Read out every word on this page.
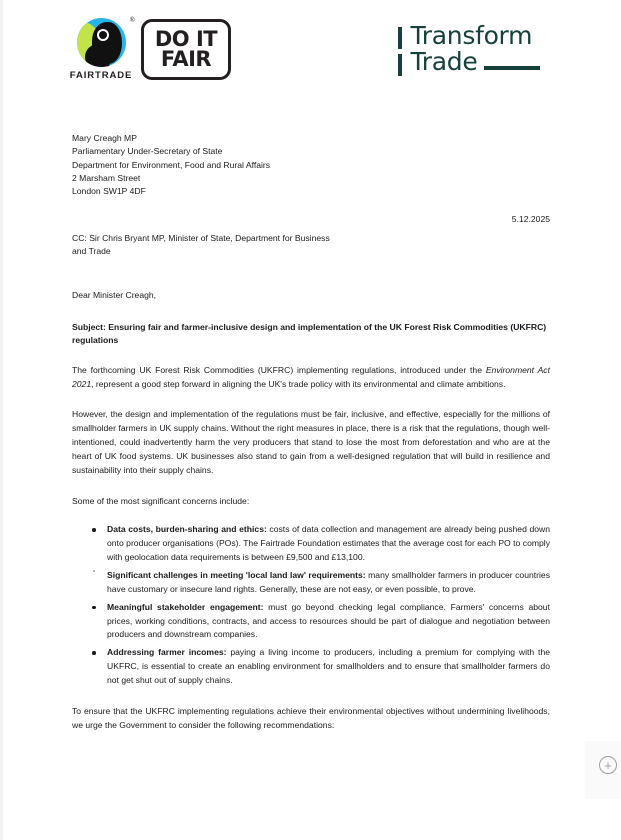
®
FAIRTRADE
DO IT
FAIR
Transform
Trade
Mary Creagh MP
Parliamentary Under-Secretary of State
Department for Environment, Food and Rural Affairs
2 Marsham Street
London SW1P 4DF
5.12.2025
CC: Sir Chris Bryant MP, Minister of State, Department for Business
and Trade
Dear Minister Creagh,
Subject: Ensuring fair and farmer-inclusive design and implementation of the UK Forest Risk Commodities (UKFRC) regulations

The forthcoming UK Forest Risk Commodities (UKFRC) implementing regulations, introduced under the Environment Act 2021, represent a good step forward in aligning the UK's trade policy with its environmental and climate ambitions.

However, the design and implementation of the regulations must be fair, inclusive, and effective, especially for the millions of smallholder farmers in UK supply chains. Without the right measures in place, there is a risk that the regulations, though well-intentioned, could inadvertently harm the very producers that stand to lose the most from deforestation and who are at the heart of UK food systems. UK businesses also stand to gain from a well-designed regulation that will build in resilience and sustainability into their supply chains.

Some of the most significant concerns include:

Data costs, burden-sharing and ethics: costs of data collection and management are already being pushed down onto producer organisations (POs). The Fairtrade Foundation estimates that the average cost for each PO to comply with geolocation data requirements is between £9,500 and £13,100.
Significant challenges in meeting 'local land law' requirements: many smallholder farmers in producer countries have customary or insecure land rights. Generally, these are not easy, or even possible, to prove.
Meaningful stakeholder engagement: must go beyond checking legal compliance. Farmers' concerns about prices, working conditions, contracts, and access to resources should be part of dialogue and negotiation between producers and downstream companies.
Addressing farmer incomes: paying a living income to producers, including a premium for complying with the UKFRC, is essential to create an enabling environment for smallholders and to ensure that smallholder farmers do not get shut out of supply chains.

To ensure that the UKFRC implementing regulations achieve their environmental objectives without undermining livelihoods, we urge the Government to consider the following recommendations:

+
